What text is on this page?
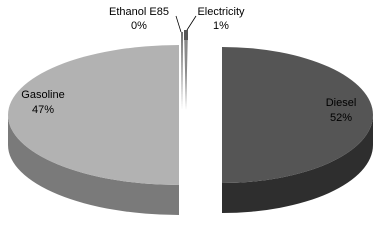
Gasoline
47%
Diesel
52%
Electricity
1%
Ethanol E85
0%
